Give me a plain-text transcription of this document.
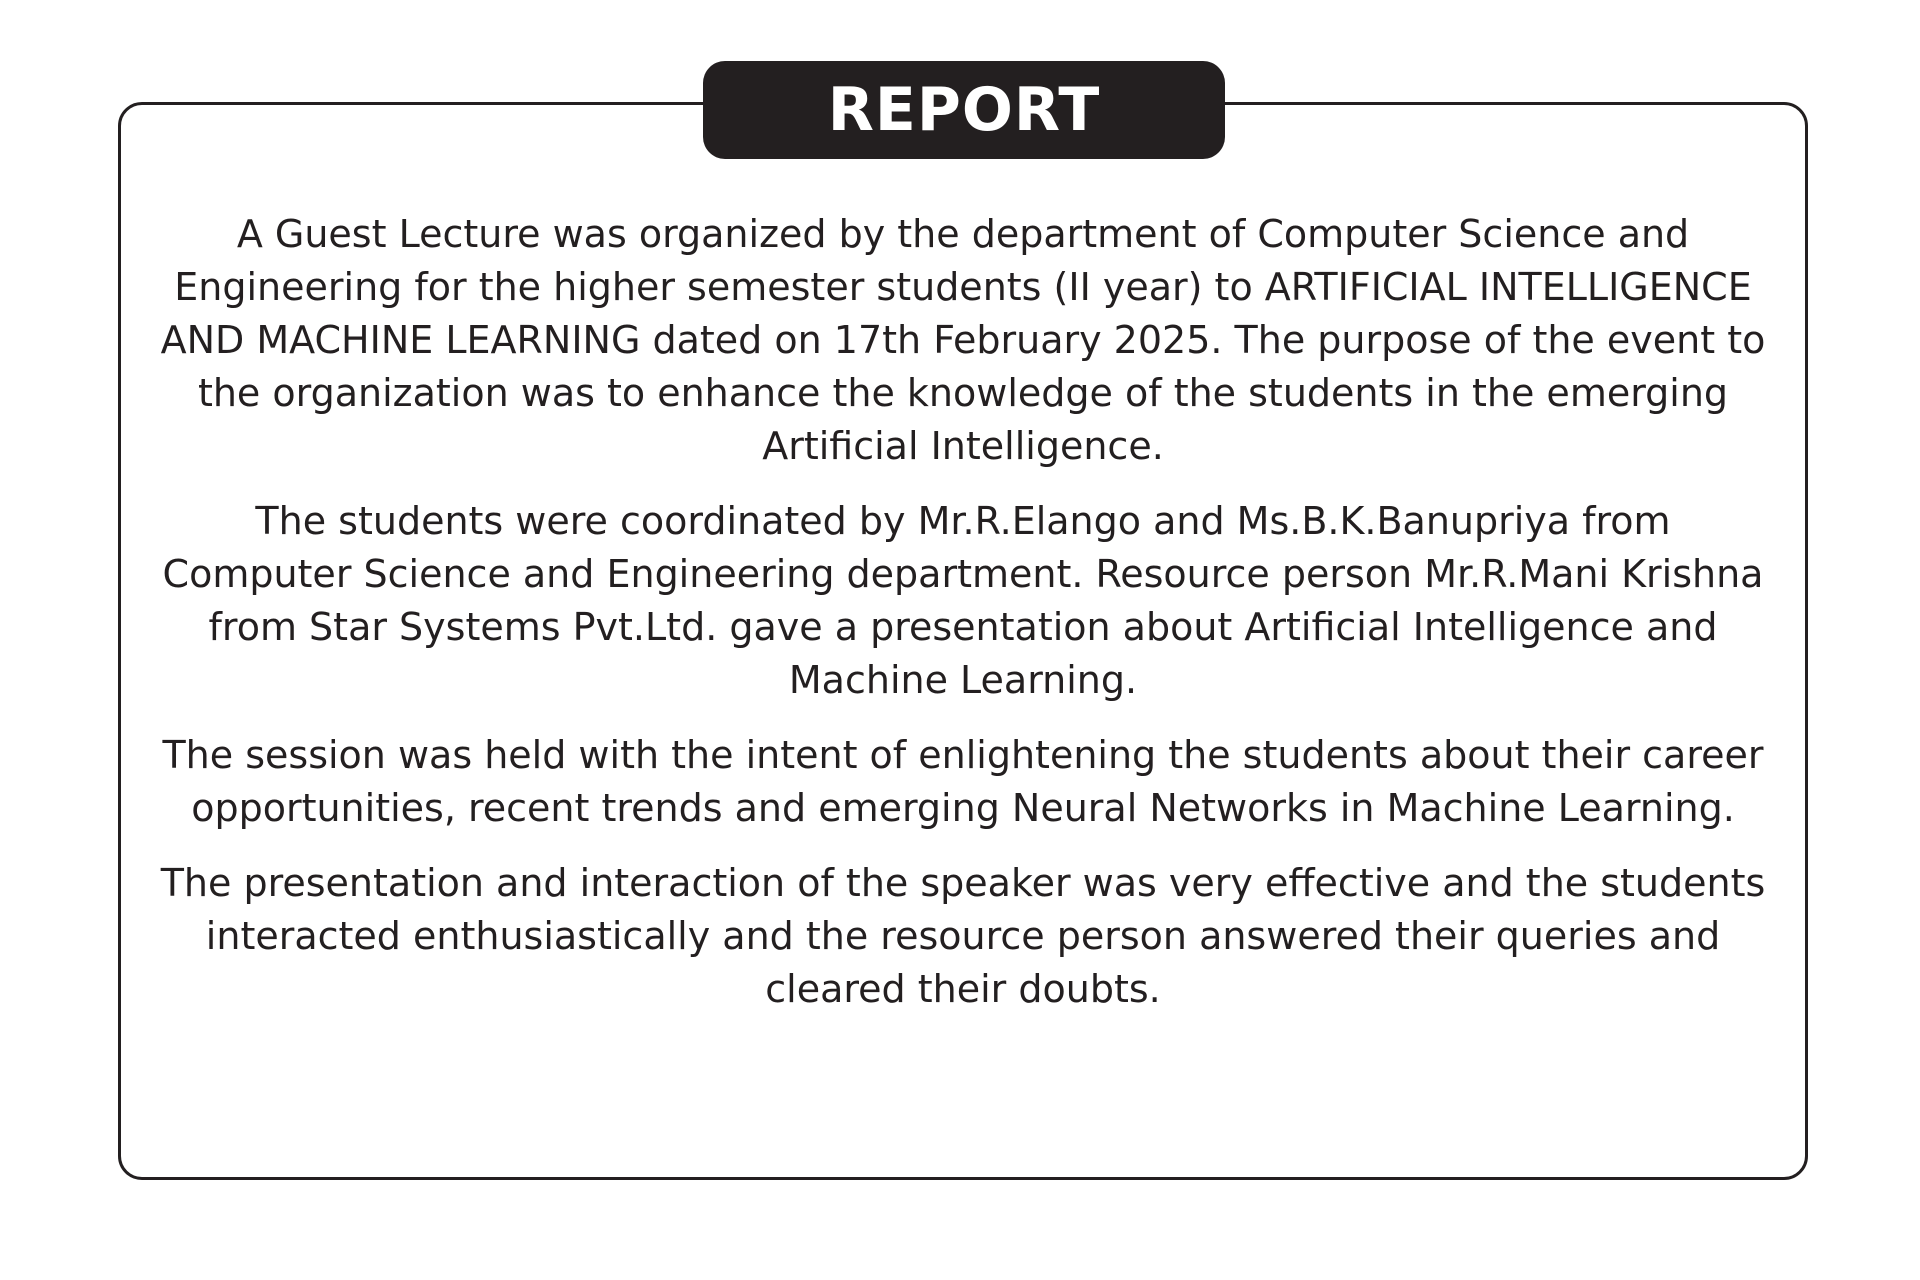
REPORT

A Guest Lecture was organized by the department of Computer Science and Engineering for the higher semester students (II year) to ARTIFICIAL INTELLIGENCE AND MACHINE LEARNING dated on 17th February 2025. The purpose of the event to the organization was to enhance the knowledge of the students in the emerging Artificial Intelligence.

The students were coordinated by Mr.R.Elango and Ms.B.K.Banupriya from Computer Science and Engineering department. Resource person Mr.R.Mani Krishna from Star Systems Pvt.Ltd. gave a presentation about Artificial Intelligence and Machine Learning.

The session was held with the intent of enlightening the students about their career opportunities, recent trends and emerging Neural Networks in Machine Learning.

The presentation and interaction of the speaker was very effective and the students interacted enthusiastically and the resource person answered their queries and cleared their doubts.
